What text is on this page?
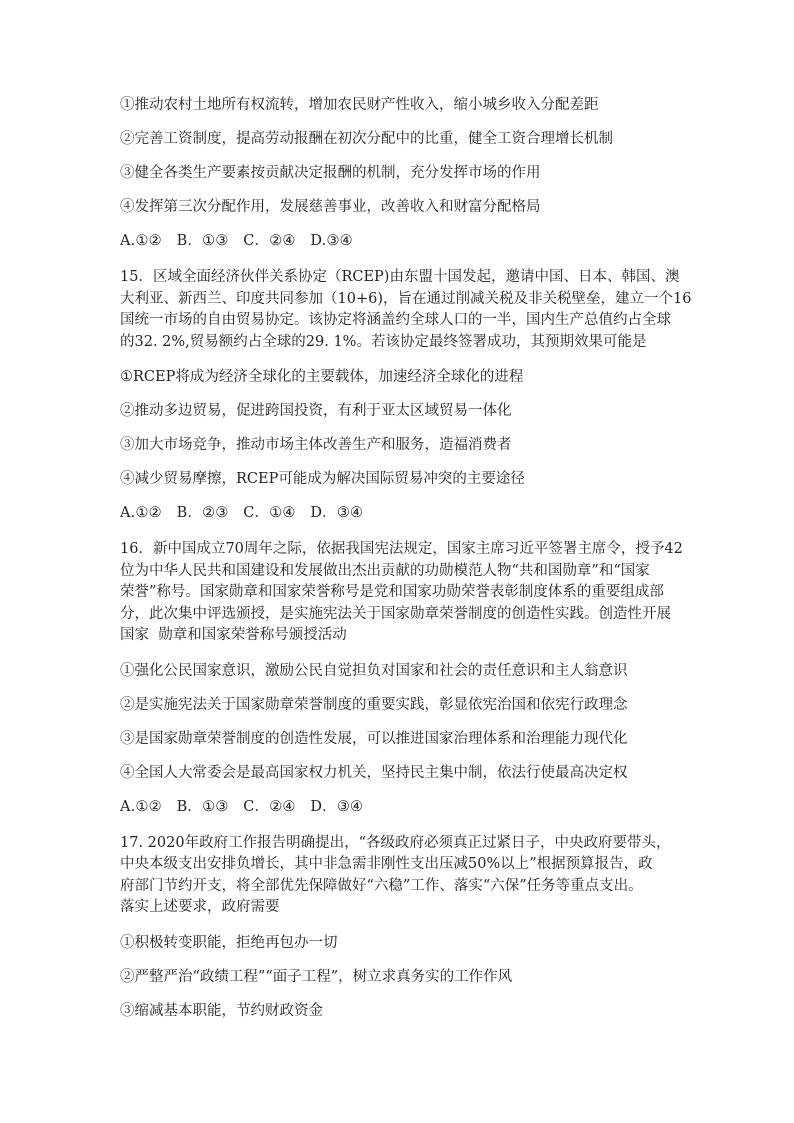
①推动农村土地所有权流转，增加农民财产性收入，缩小城乡收入分配差距
②完善工资制度，提高劳动报酬在初次分配中的比重，健全工资合理增长机制
③健全各类生产要素按贡献决定报酬的机制，充分发挥市场的作用
④发挥第三次分配作用，发展慈善事业，改善收入和财富分配格局
A.①②　B．①③　C．②④　D.③④
15．区域全面经济伙伴关系协定（RCEP)由东盟十国发起，邀请中国、日本、韩国、澳
大利亚、新西兰、印度共同参加（10+6)，旨在通过削减关税及非关税壁垒，建立一个16
国统一市场的自由贸易协定。该协定将涵盖约全球人口的一半，国内生产总值约占全球
的32. 2%,贸易额约占全球的29. 1%。若该协定最终签署成功，其预期效果可能是
①RCEP将成为经济全球化的主要载体，加速经济全球化的进程
②推动多边贸易，促进跨国投资，有利于亚太区域贸易一体化
③加大市场竞争，推动市场主体改善生产和服务，造福消费者
④减少贸易摩擦，RCEP可能成为解决国际贸易冲突的主要途径
A.①②　B．②③　C．①④　D．③④
16．新中国成立70周年之际，依据我国宪法规定，国家主席习近平签署主席令，授予42
位为中华人民共和国建设和发展做出杰出贡献的功勋模范人物“共和国勋章”和“国家
荣誉”称号。国家勋章和国家荣誉称号是党和国家功勋荣誉表彰制度体系的重要组成部
分，此次集中评选颁授，是实施宪法关于国家勋章荣誉制度的创造性实践。创造性开展
国家  勋章和国家荣誉称号颁授活动
①强化公民国家意识，激励公民自觉担负对国家和社会的责任意识和主人翁意识
②是实施宪法关于国家勋章荣誉制度的重要实践，彰显依宪治国和依宪行政理念
③是国家勋章荣誉制度的创造性发展，可以推进国家治理体系和治理能力现代化
④全国人大常委会是最高国家权力机关，坚持民主集中制，依法行使最高决定权
A.①②　B．①③　C．②④　D．③④
17. 2020年政府工作报告明确提出，“各级政府必须真正过紧日子，中央政府要带头，
中央本级支出安排负增长，其中非急需非刚性支出压减50%以上”根据预算报告，政
府部门节约开支，将全部优先保障做好“六稳”工作、落实“六保”任务等重点支出。
落实上述要求，政府需要
①积极转变职能，拒绝再包办一切
②严整严治“政绩工程”“面子工程”，树立求真务实的工作作风
③缩减基本职能，节约财政资金
